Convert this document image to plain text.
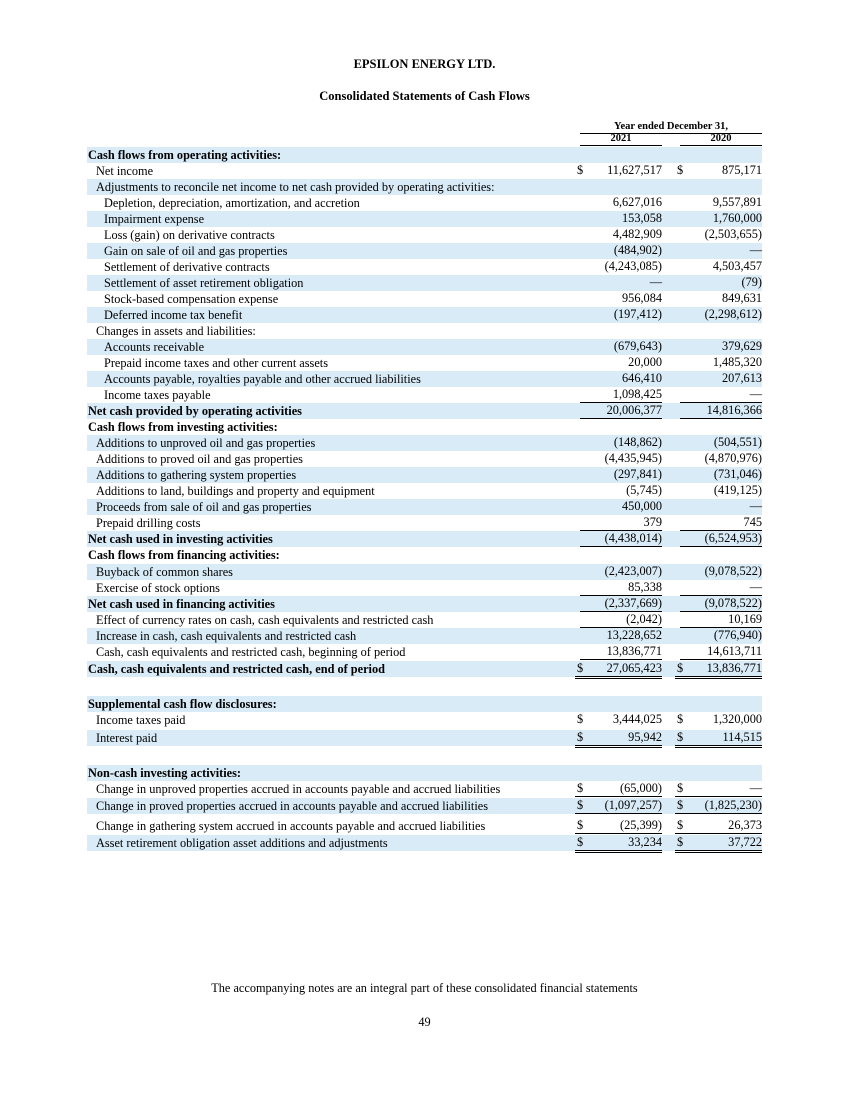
EPSILON ENERGY LTD.
Consolidated Statements of Cash Flows
Year ended December 31,
2021	2020
Cash flows from operating activities:
Net income	$	11,627,517 $	875,171
Adjustments to reconcile net income to net cash provided by operating activities:
Depletion, depreciation, amortization, and accretion	6,627,016	9,557,891
Impairment expense	153,058	1,760,000
Loss (gain) on derivative contracts	4,482,909	(2,503,655)
Gain on sale of oil and gas properties	(484,902)	—
Settlement of derivative contracts	(4,243,085)	4,503,457
Settlement of asset retirement obligation	—	(79)
Stock-based compensation expense	956,084	849,631
Deferred income tax benefit	(197,412)	(2,298,612)
Changes in assets and liabilities:
Accounts receivable	(679,643)	379,629
Prepaid income taxes and other current assets	20,000	1,485,320
Accounts payable, royalties payable and other accrued liabilities	646,410	207,613
Income taxes payable	1,098,425	—
Net cash provided by operating activities	20,006,377	14,816,366
Cash flows from investing activities:
Additions to unproved oil and gas properties	(148,862)	(504,551)
Additions to proved oil and gas properties	(4,435,945)	(4,870,976)
Additions to gathering system properties	(297,841)	(731,046)
Additions to land, buildings and property and equipment	(5,745)	(419,125)
Proceeds from sale of oil and gas properties	450,000	—
Prepaid drilling costs	379	745
Net cash used in investing activities	(4,438,014)	(6,524,953)
Cash flows from financing activities:
Buyback of common shares	(2,423,007)	(9,078,522)
Exercise of stock options	85,338	—
Net cash used in financing activities	(2,337,669)	(9,078,522)
Effect of currency rates on cash, cash equivalents and restricted cash	(2,042)	10,169
Increase in cash, cash equivalents and restricted cash	13,228,652	(776,940)
Cash, cash equivalents and restricted cash, beginning of period	13,836,771	14,613,711
Cash, cash equivalents and restricted cash, end of period	$	27,065,423 $	13,836,771
Supplemental cash flow disclosures:
Income taxes paid	$	3,444,025 $	1,320,000
Interest paid	$	95,942 $	114,515
Non-cash investing activities:
Change in unproved properties accrued in accounts payable and accrued liabilities	$	(65,000) $	—
Change in proved properties accrued in accounts payable and accrued liabilities	$	(1,097,257) $	(1,825,230)
Change in gathering system accrued in accounts payable and accrued liabilities	$	(25,399) $	26,373
Asset retirement obligation asset additions and adjustments	$	33,234 $	37,722
The accompanying notes are an integral part of these consolidated financial statements
49
